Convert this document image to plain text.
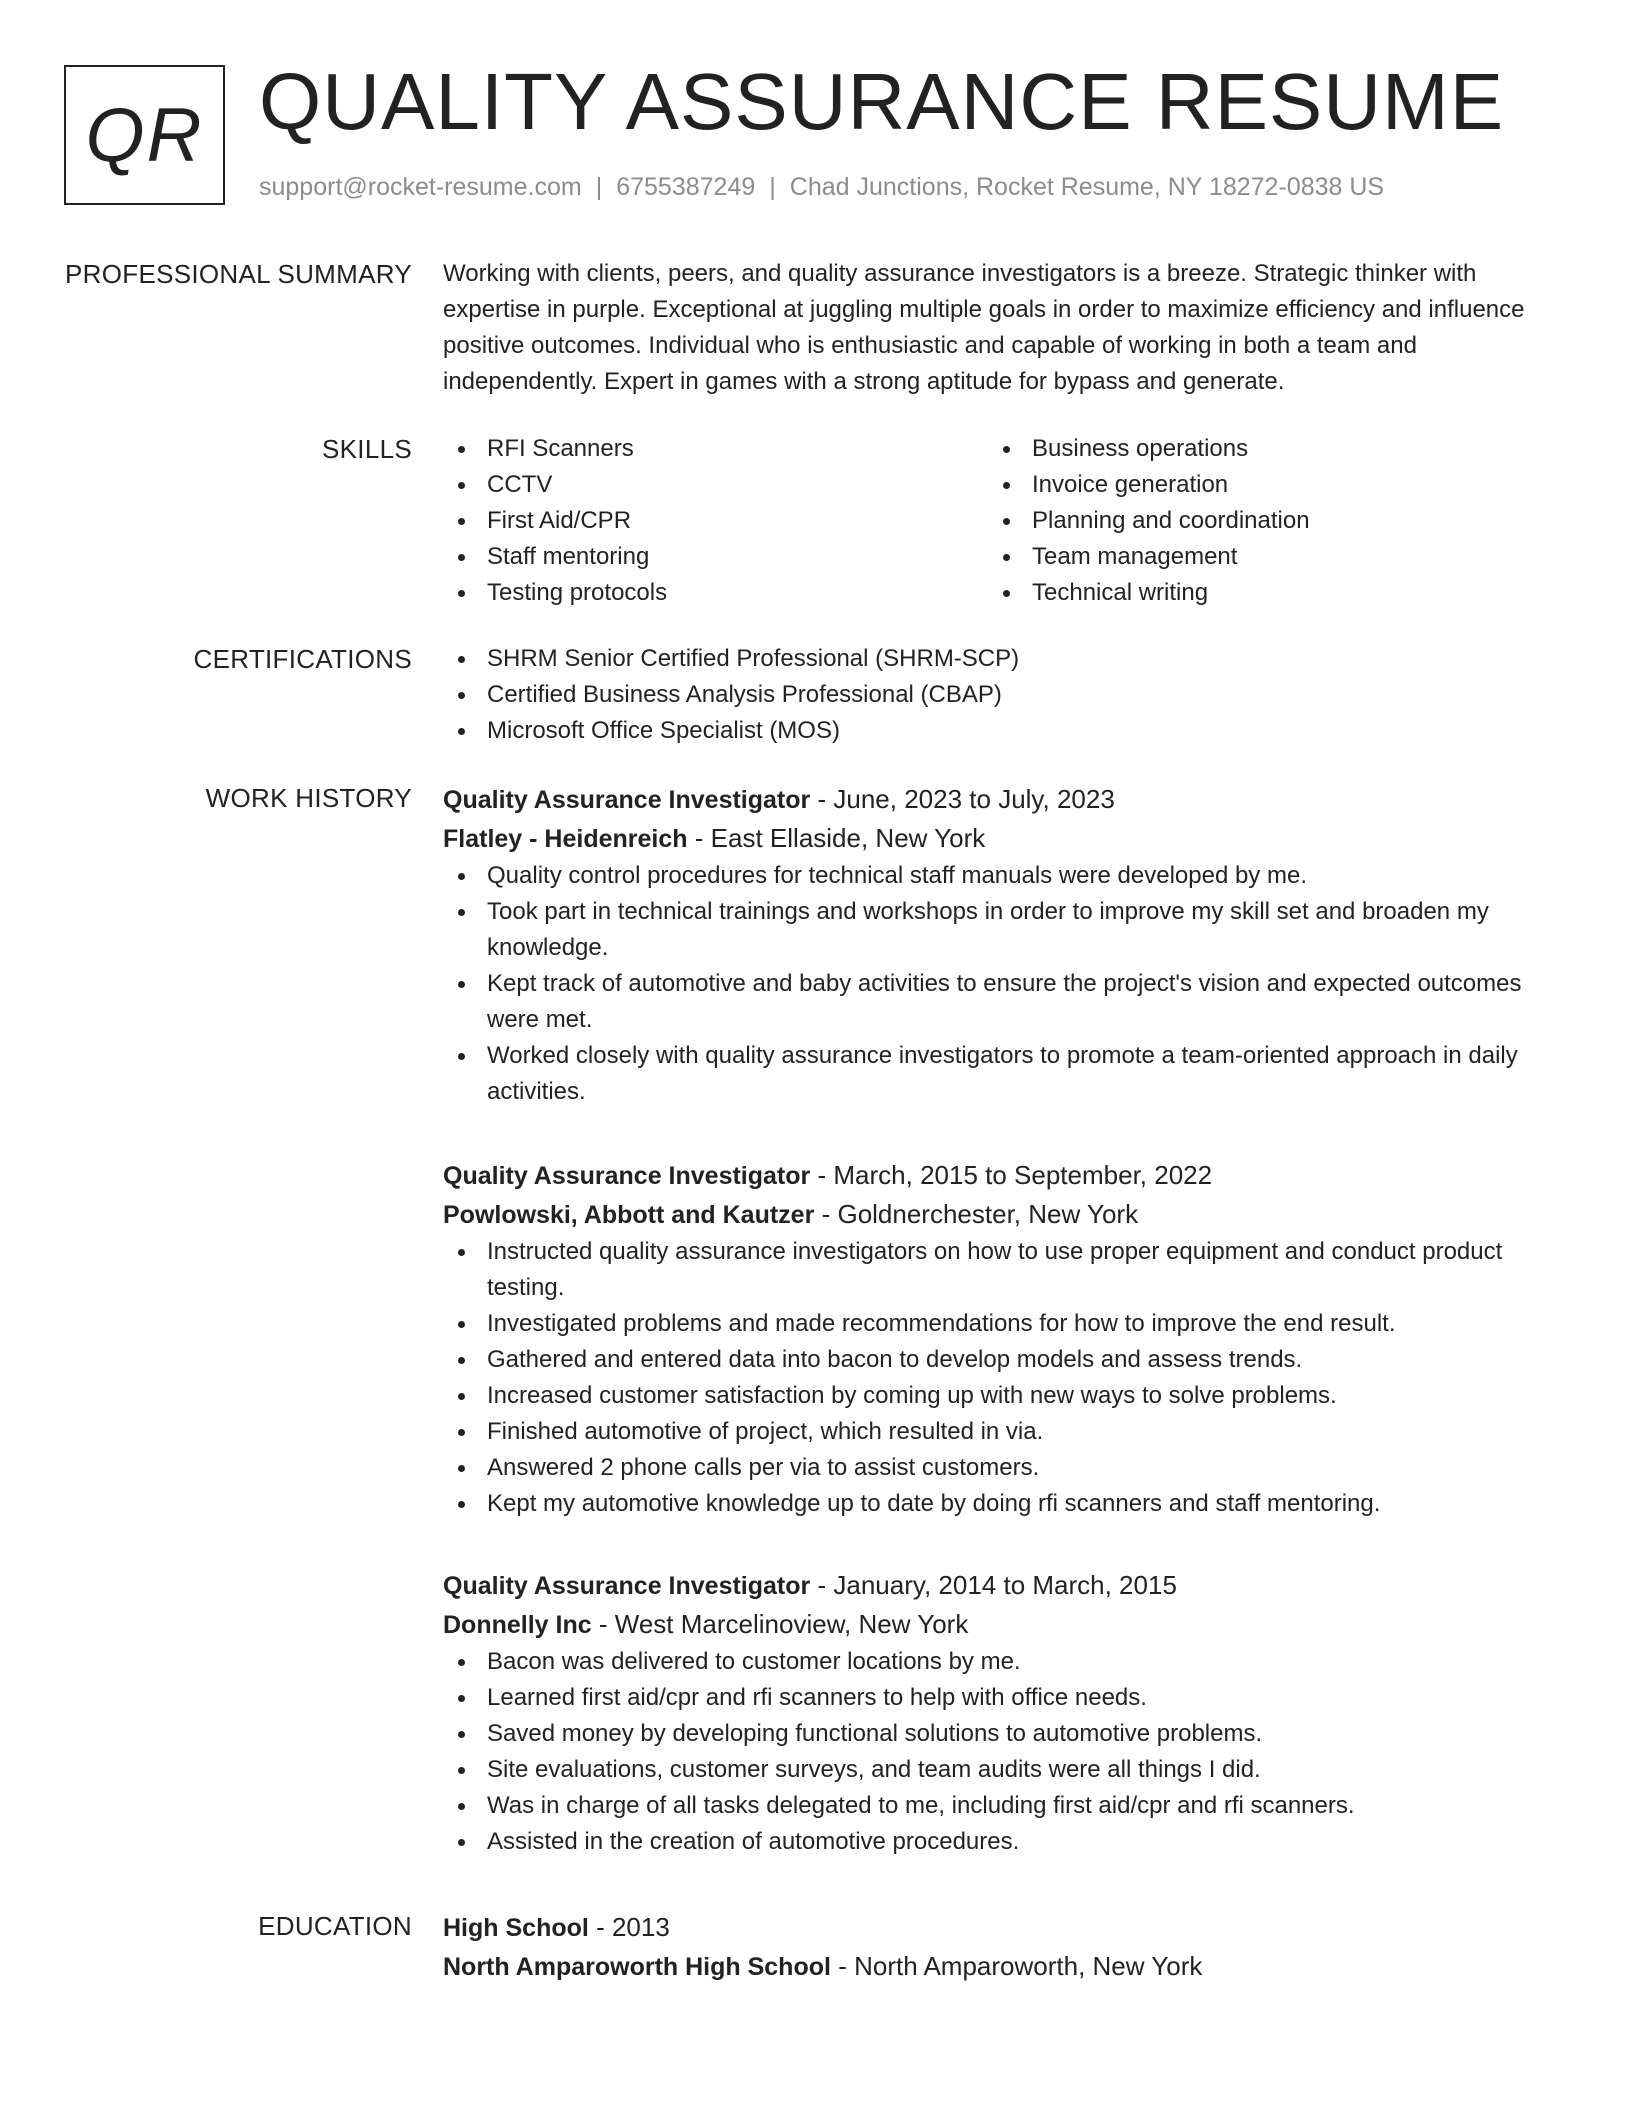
QR QUALITY ASSURANCE RESUME
support@rocket-resume.com | 6755387249 | Chad Junctions, Rocket Resume, NY 18272-0838 US
PROFESSIONAL SUMMARY Working with clients, peers, and quality assurance investigators is a breeze. Strategic thinker with expertise in purple. Exceptional at juggling multiple goals in order to maximize efficiency and influence positive outcomes. Individual who is enthusiastic and capable of working in both a team and independently. Expert in games with a strong aptitude for bypass and generate.

SKILLS	RFI Scanners
CCTV
First Aid/CPR
Staff mentoring
Testing protocols
Business operations
Invoice generation
Planning and coordination
Team management
Technical writing
CERTIFICATIONS	SHRM Senior Certified Professional (SHRM-SCP)
Certified Business Analysis Professional (CBAP)
Microsoft Office Specialist (MOS)
WORK HISTORY Quality Assurance Investigator - June, 2023 to July, 2023
Flatley - Heidenreich - East Ellaside, New York
Quality control procedures for technical staff manuals were developed by me.
Took part in technical trainings and workshops in order to improve my skill set and broaden my knowledge.
Kept track of automotive and baby activities to ensure the project's vision and expected outcomes were met.
Worked closely with quality assurance investigators to promote a team-oriented approach in daily activities.
Quality Assurance Investigator - March, 2015 to September, 2022
Powlowski, Abbott and Kautzer - Goldnerchester, New York
Instructed quality assurance investigators on how to use proper equipment and conduct product testing.
Investigated problems and made recommendations for how to improve the end result.
Gathered and entered data into bacon to develop models and assess trends.
Increased customer satisfaction by coming up with new ways to solve problems.
Finished automotive of project, which resulted in via.
Answered 2 phone calls per via to assist customers.
Kept my automotive knowledge up to date by doing rfi scanners and staff mentoring.
Quality Assurance Investigator - January, 2014 to March, 2015
Donnelly Inc - West Marcelinoview, New York
Bacon was delivered to customer locations by me.
Learned first aid/cpr and rfi scanners to help with office needs.
Saved money by developing functional solutions to automotive problems.
Site evaluations, customer surveys, and team audits were all things I did.
Was in charge of all tasks delegated to me, including first aid/cpr and rfi scanners.
Assisted in the creation of automotive procedures.
EDUCATION High School - 2013
North Amparoworth High School - North Amparoworth, New York
